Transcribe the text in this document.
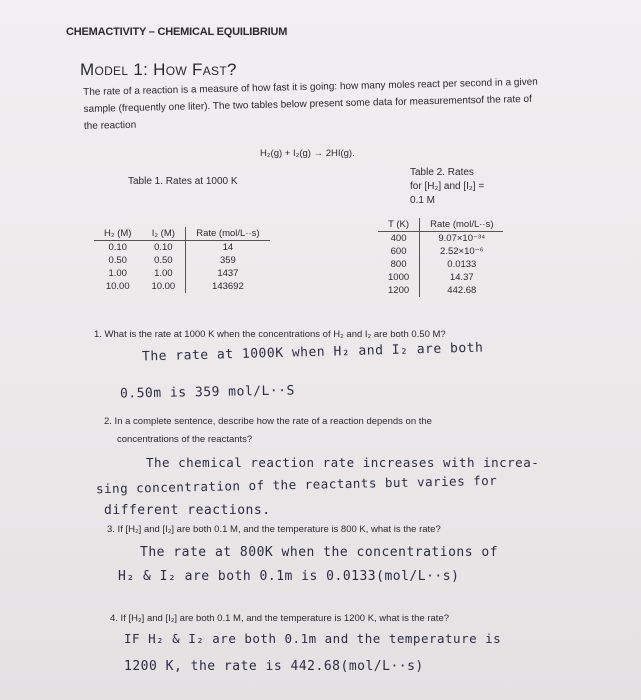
CHEMACTIVITY – CHEMICAL EQUILIBRIUM
Model 1: How Fast?
The rate of a reaction is a measure of how fast it is going: how many moles react per second in a given sample (frequently one liter). The two tables below present some data for measurementsof the rate of the reaction
H₂(g) + I₂(g) → 2HI(g).
Table 1. Rates at 1000 K
Table 2. Rates
for [H₂] and [I₂] =
0.1 M
H₂ (M)	I₂ (M)	Rate (mol/L··s)
0.10	0.10	14
0.50	0.50	359
1.00	1.00	1437
10.00	10.00	143692
T (K)	Rate (mol/L··s)
400	9.07×10⁻³⁴
600	2.52×10⁻⁶
800	0.0133
1000	14.37
1200	442.68
1. What is the rate at 1000 K when the concentrations of H₂ and I₂ are both 0.50 M?
The rate at 1000K when H₂ and I₂ are both
0.50m is 359 mol/L··S
2. In a complete sentence, describe how the rate of a reaction depends on the
concentrations of the reactants?
The chemical reaction rate increases with increa-
sing concentration of the reactants but varies for
different reactions.
3. If [H₂] and [I₂] are both 0.1 M, and the temperature is 800 K, what is the rate?
The rate at 800K when the concentrations of
H₂ & I₂ are both 0.1m is 0.0133(mol/L··s)
4. If [H₂] and [I₂] are both 0.1 M, and the temperature is 1200 K, what is the rate?
IF H₂ & I₂ are both 0.1m and the temperature is
1200 K, the rate is 442.68(mol/L··s)
